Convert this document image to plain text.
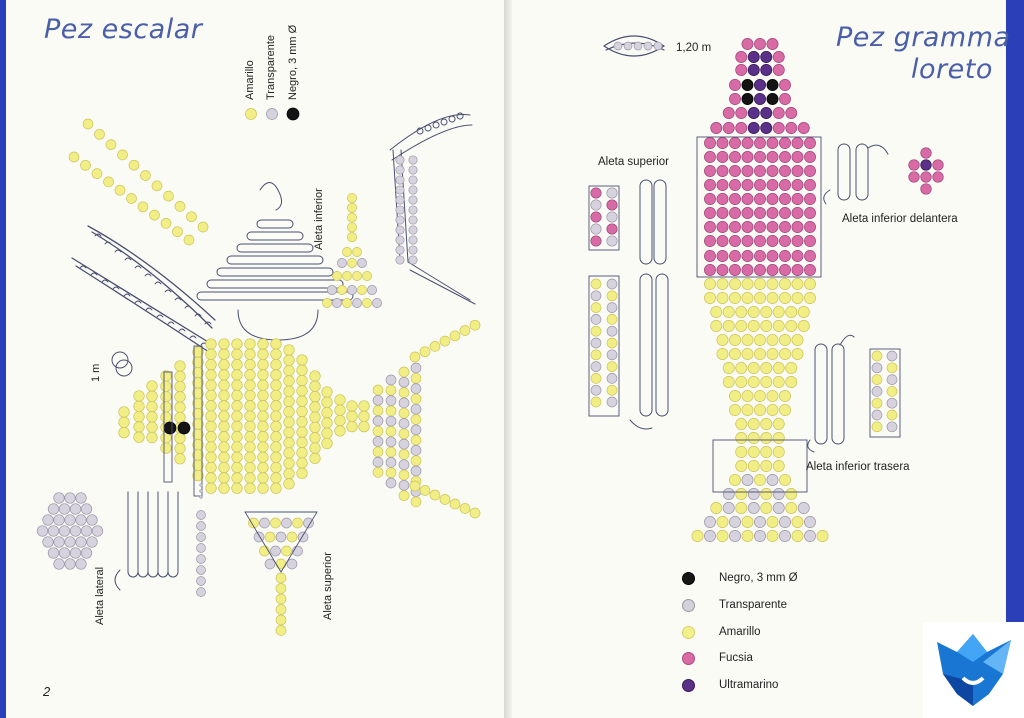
Pez escalar
Amarillo Transparente Negro, 3 mm Ø
1 m
Aleta inferior
Aleta superior
Aleta lateral
2
Pez gramma
loreto
1,20 m
Aleta superior
Aleta inferior delantera
Aleta inferior trasera
Negro, 3 mm Ø
Transparente
Amarillo
Fucsia
Ultramarino
